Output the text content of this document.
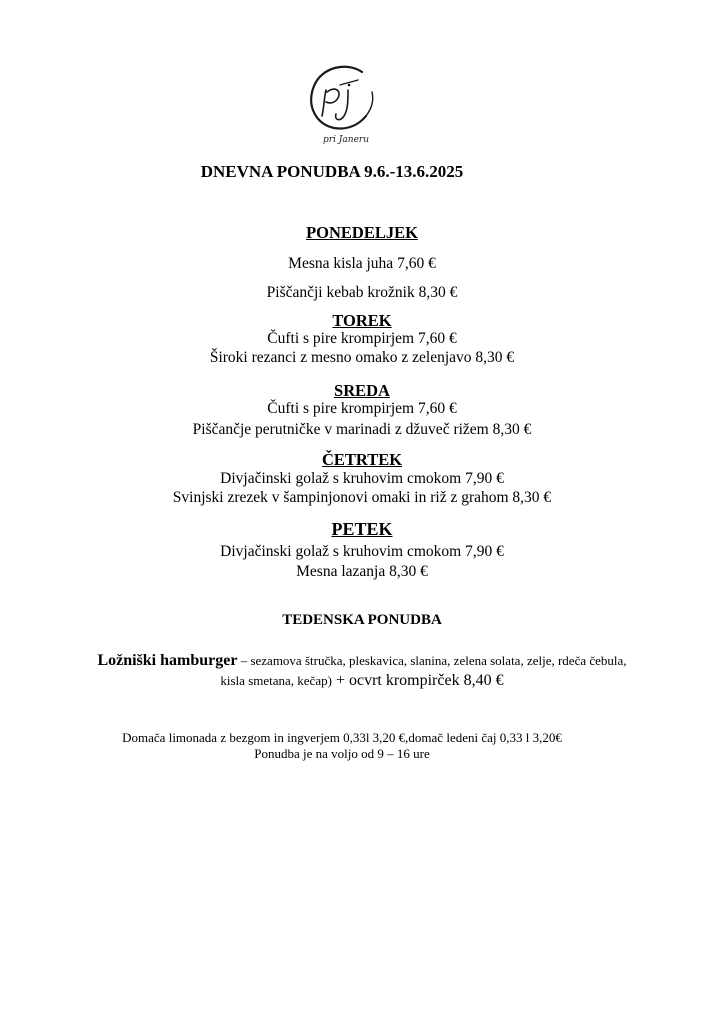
pri Janeru
DNEVNA PONUDBA 9.6.-13.6.2025
PONEDELJEK
Mesna kisla juha 7,60 €
Piščančji kebab krožnik 8,30 €
TOREK
Čufti s pire krompirjem 7,60 €
Široki rezanci z mesno omako z zelenjavo 8,30 €
SREDA
Čufti s pire krompirjem 7,60 €
Piščančje perutničke v marinadi z džuveč rižem 8,30 €
ČETRTEK
Divjačinski golaž s kruhovim cmokom 7,90 €
Svinjski zrezek v šampinjonovi omaki in riž z grahom 8,30 €
PETEK
Divjačinski golaž s kruhovim cmokom 7,90 €
Mesna lazanja 8,30 €
TEDENSKA PONUDBA
Ložniški hamburger – sezamova štručka, pleskavica, slanina, zelena solata, zelje, rdeča čebula,
kisla smetana, kečap) + ocvrt krompirček 8,40 €
Domača limonada z bezgom in ingverjem 0,33l 3,20 €,domač ledeni čaj 0,33 l 3,20€
Ponudba je na voljo od 9 – 16 ure
